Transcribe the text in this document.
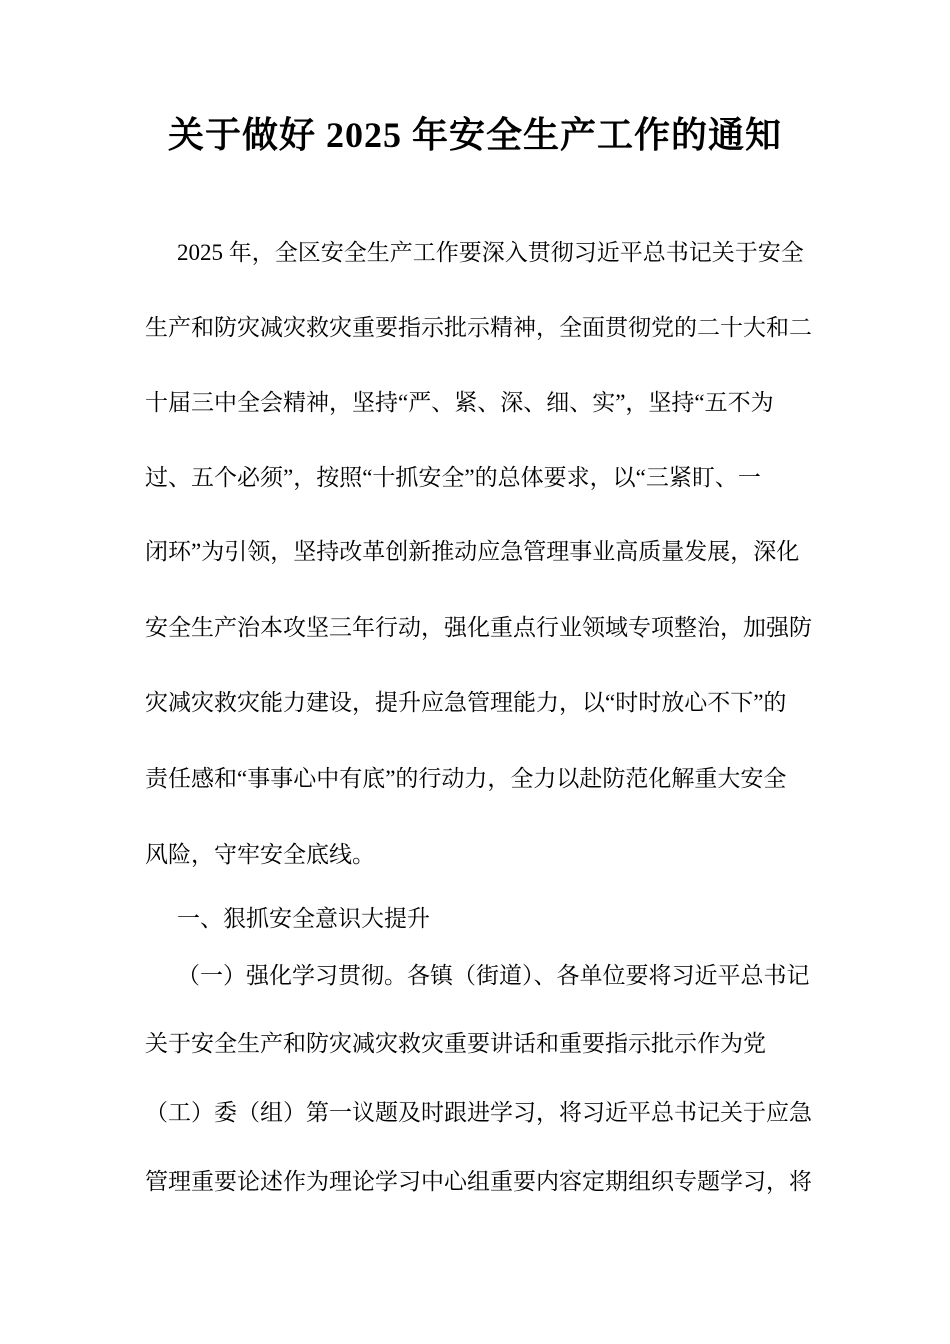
关于做好 2025 年安全生产工作的通知
2025 年，全区安全生产工作要深入贯彻习近平总书记关于安全
生产和防灾减灾救灾重要指示批示精神，全面贯彻党的二十大和二
十届三中全会精神，坚持“严、紧、深、细、实”，坚持“五不为
过、五个必须”，按照“十抓安全”的总体要求，以“三紧盯、一
闭环”为引领，坚持改革创新推动应急管理事业高质量发展，深化
安全生产治本攻坚三年行动，强化重点行业领域专项整治，加强防
灾减灾救灾能力建设，提升应急管理能力，以“时时放心不下”的
责任感和“事事心中有底”的行动力，全力以赴防范化解重大安全
风险，守牢安全底线。
一、狠抓安全意识大提升
（一）强化学习贯彻。各镇（街道）、各单位要将习近平总书记
关于安全生产和防灾减灾救灾重要讲话和重要指示批示作为党
（工）委（组）第一议题及时跟进学习，将习近平总书记关于应急
管理重要论述作为理论学习中心组重要内容定期组织专题学习，将
